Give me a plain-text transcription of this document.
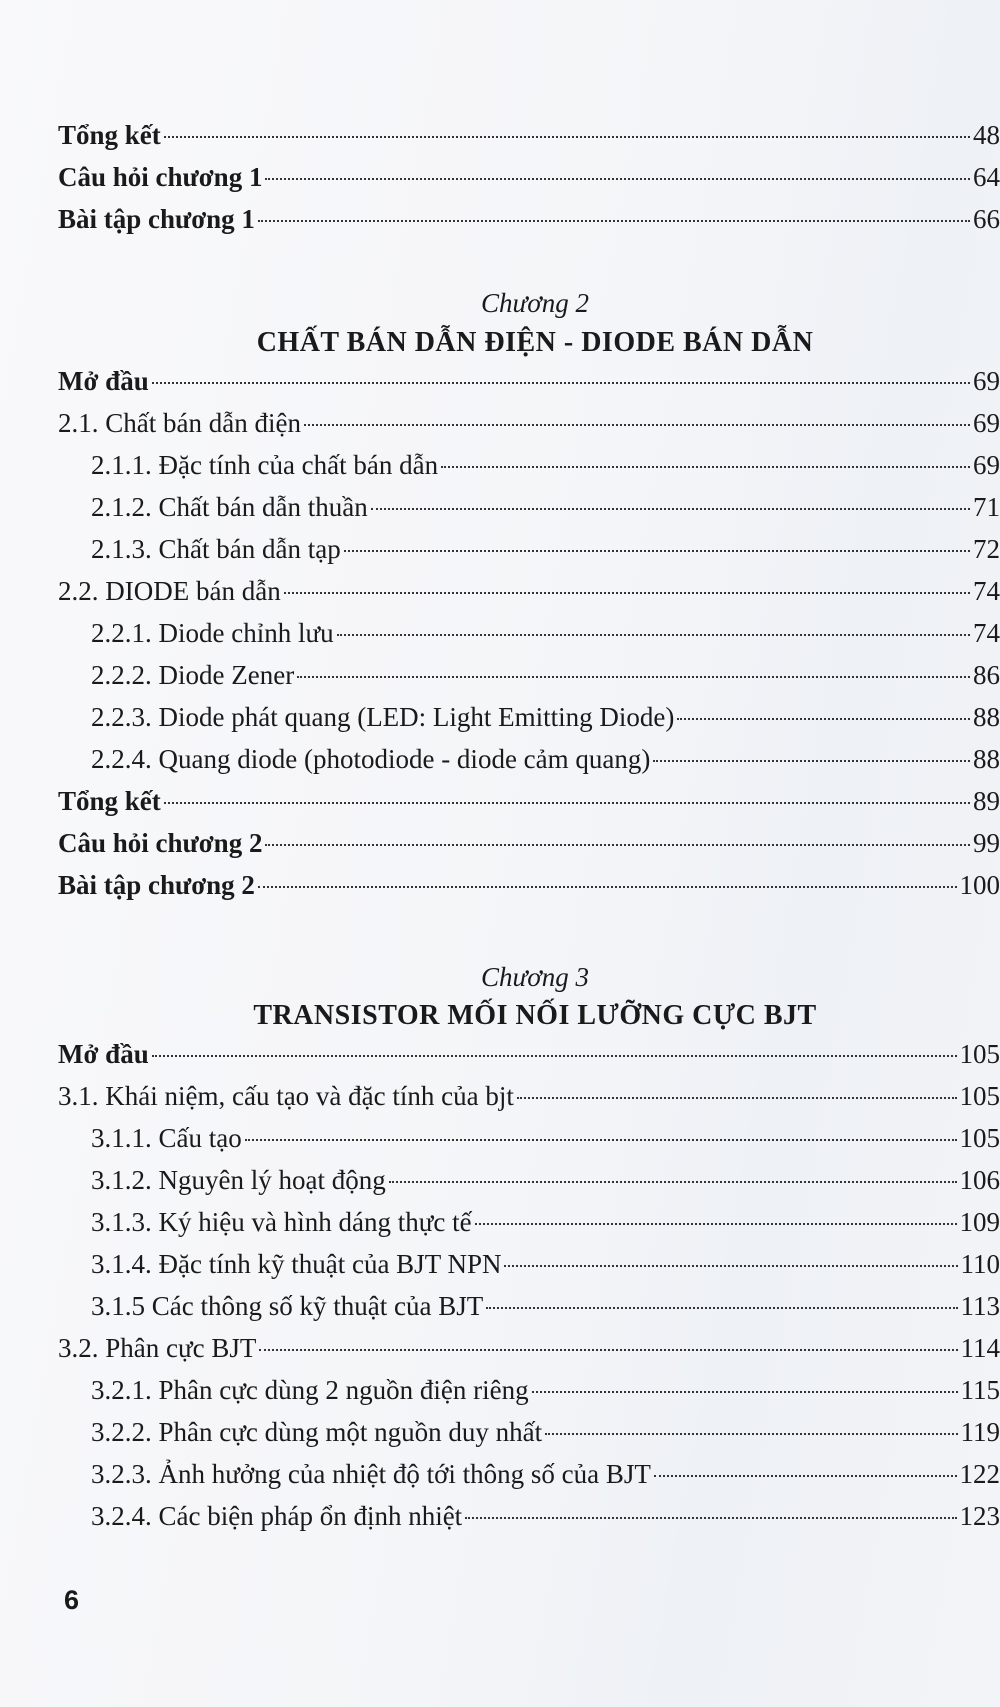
Tổng kết	48
Câu hỏi chương 1	64
Bài tập chương 1	66
Chương 2
CHẤT BÁN DẪN ĐIỆN - DIODE BÁN DẪN
Mở đầu	69
2.1. Chất bán dẫn điện	69
2.1.1. Đặc tính của chất bán dẫn	69
2.1.2. Chất bán dẫn thuần	71
2.1.3. Chất bán dẫn tạp	72
2.2. DIODE bán dẫn	74
2.2.1. Diode chỉnh lưu	74
2.2.2. Diode Zener	86
2.2.3. Diode phát quang (LED: Light Emitting Diode)	88
2.2.4. Quang diode (photodiode - diode cảm quang)	88
Tổng kết	89
Câu hỏi chương 2	99
Bài tập chương 2	100
Chương 3
TRANSISTOR MỐI NỐI LƯỠNG CỰC BJT
Mở đầu	105
3.1. Khái niệm, cấu tạo và đặc tính của bjt	105
3.1.1. Cấu tạo	105
3.1.2. Nguyên lý hoạt động	106
3.1.3. Ký hiệu và hình dáng thực tế	109
3.1.4. Đặc tính kỹ thuật của BJT NPN	110
3.1.5 Các thông số kỹ thuật của BJT	113
3.2. Phân cực BJT	114
3.2.1. Phân cực dùng 2 nguồn điện riêng	115
3.2.2. Phân cực dùng một nguồn duy nhất	119
3.2.3. Ảnh hưởng của nhiệt độ tới thông số của BJT	122
3.2.4. Các biện pháp ổn định nhiệt	123
6
